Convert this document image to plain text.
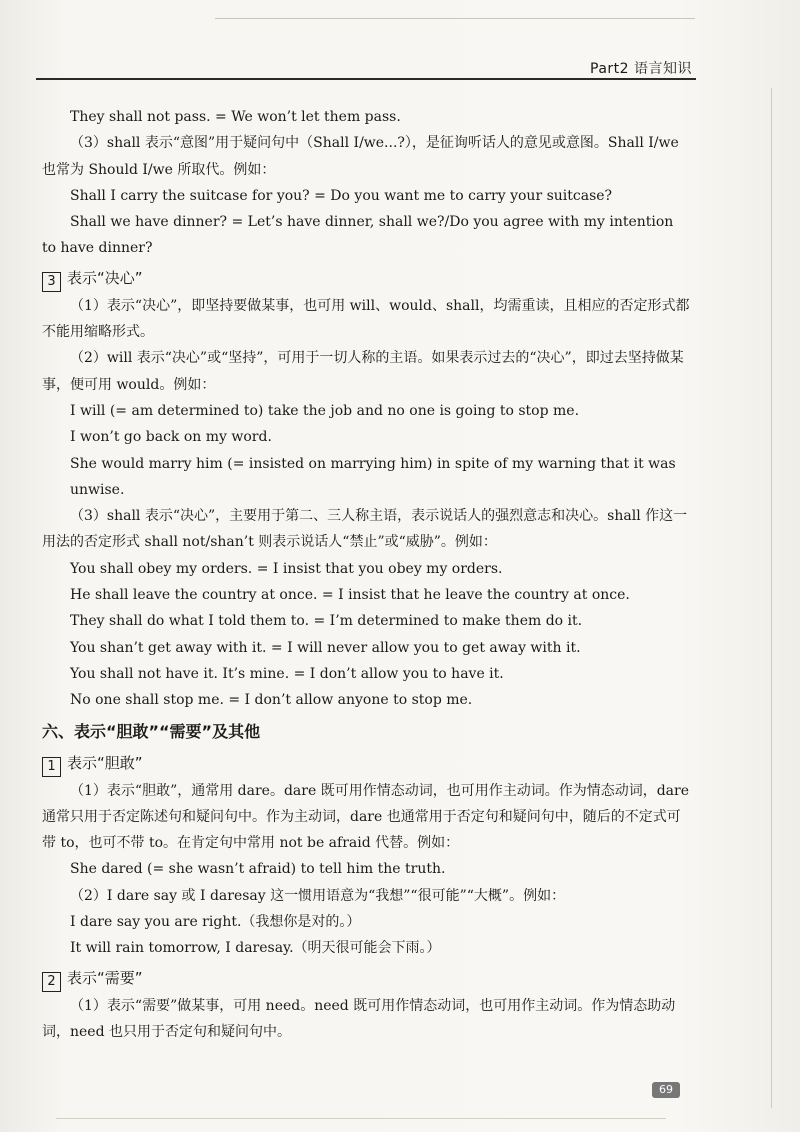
Part2 语言知识

They shall not pass. = We won’t let them pass.

（3）shall 表示“意图”用于疑问句中（Shall I/we...?），是征询听话人的意见或意图。Shall I/we 也常为 Should I/we 所取代。例如：

Shall I carry the suitcase for you? = Do you want me to carry your suitcase?

Shall we have dinner? = Let’s have dinner, shall we?/Do you agree with my intention to have dinner?

3 表示“决心”

（1）表示“决心”，即坚持要做某事，也可用 will、would、shall，均需重读，且相应的否定形式都不能用缩略形式。

（2）will 表示“决心”或“坚持”，可用于一切人称的主语。如果表示过去的“决心”，即过去坚持做某事，便可用 would。例如：

I will (= am determined to) take the job and no one is going to stop me.

I won’t go back on my word.

She would marry him (= insisted on marrying him) in spite of my warning that it was unwise.

（3）shall 表示“决心”，主要用于第二、三人称主语，表示说话人的强烈意志和决心。shall 作这一用法的否定形式 shall not/shan’t 则表示说话人“禁止”或“威胁”。例如：

You shall obey my orders. = I insist that you obey my orders.

He shall leave the country at once. = I insist that he leave the country at once.

They shall do what I told them to. = I’m determined to make them do it.

You shan’t get away with it. = I will never allow you to get away with it.

You shall not have it. It’s mine. = I don’t allow you to have it.

No one shall stop me. = I don’t allow anyone to stop me.

六、表示“胆敢”“需要”及其他
1 表示“胆敢”

（1）表示“胆敢”，通常用 dare。dare 既可用作情态动词，也可用作主动词。作为情态动词，dare 通常只用于否定陈述句和疑问句中。作为主动词，dare 也通常用于否定句和疑问句中，随后的不定式可带 to，也可不带 to。在肯定句中常用 not be afraid 代替。例如：

She dared (= she wasn’t afraid) to tell him the truth.

（2）I dare say 或 I daresay 这一惯用语意为“我想”“很可能”“大概”。例如：

I dare say you are right.（我想你是对的。）

It will rain tomorrow, I daresay.（明天很可能会下雨。）

2 表示“需要”

（1）表示“需要”做某事，可用 need。need 既可用作情态动词，也可用作主动词。作为情态助动词，need 也只用于否定句和疑问句中。

69
